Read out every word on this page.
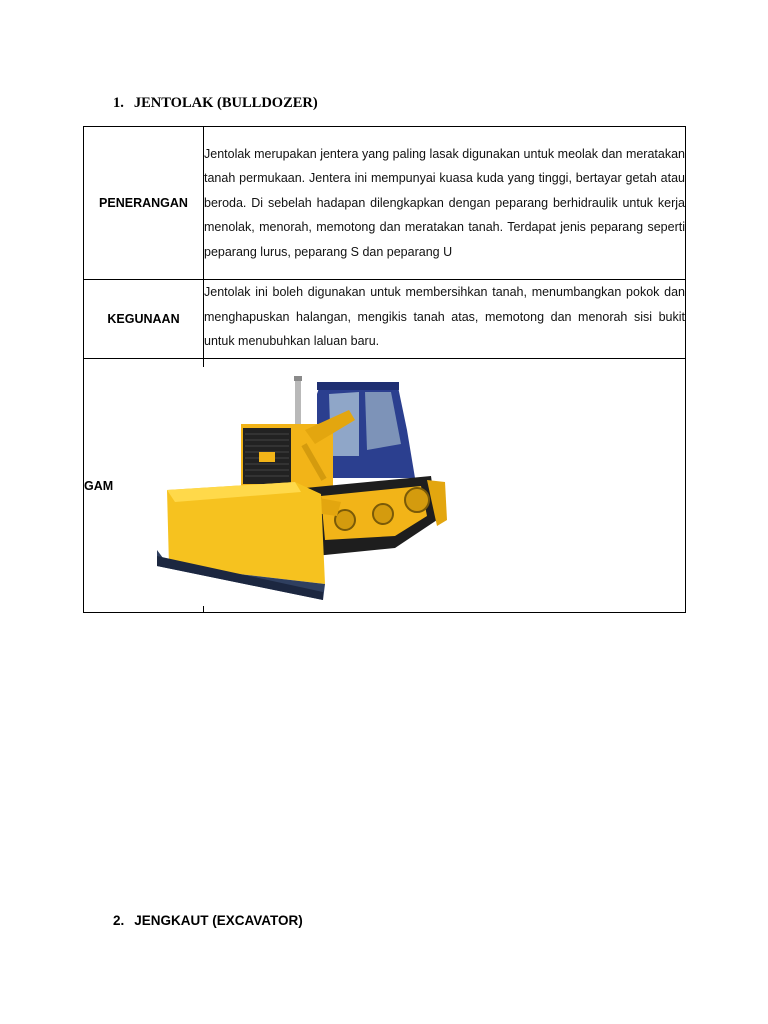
1. JENTOLAK (BULLDOZER)
PENERANGAN	Jentolak merupakan jentera yang paling lasak digunakan untuk meolak dan meratakan tanah permukaan. Jentera ini mempunyai kuasa kuda yang tinggi, bertayar getah atau beroda. Di sebelah hadapan dilengkapkan dengan peparang berhidraulik untuk kerja menolak, menorah, memotong dan meratakan tanah. Terdapat jenis peparang seperti peparang lurus, peparang S dan peparang U
KEGUNAAN	Jentolak ini boleh digunakan untuk membersihkan tanah, menumbangkan pokok dan menghapuskan halangan, mengikis tanah atas, memotong dan menorah sisi bukit untuk menubuhkan laluan baru.
GAM	
2. JENGKAUT (EXCAVATOR)
